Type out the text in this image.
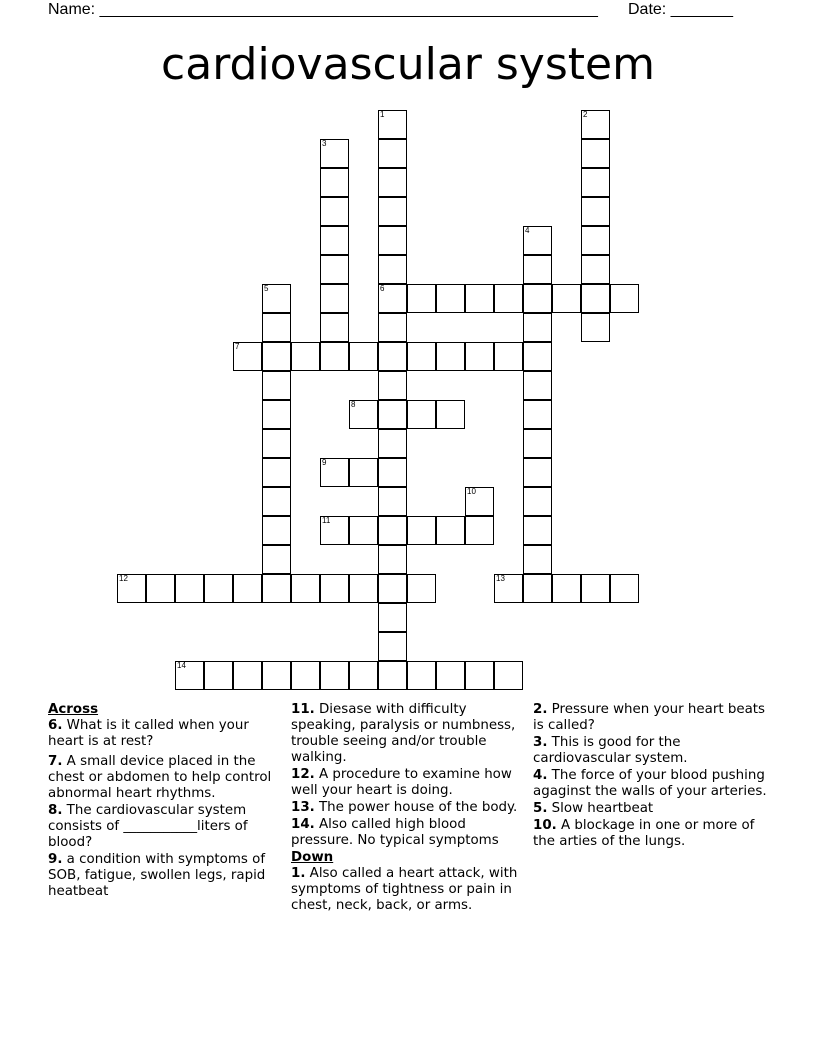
Name: ________________________________________________________ Date: _______
cardiovascular system
1
6
2
3
4
5
7
8
9
10
11
12	13
14
Across
6. What is it called when your heart is at rest?
7. A small device placed in the chest or abdomen to help control abnormal heart rhythms.
8. The cardiovascular system consists of ___________liters of blood?
9. a condition with symptoms of SOB, fatigue, swollen legs, rapid heatbeat
11. Diesase with difficulty speaking, paralysis or numbness, trouble seeing and/or trouble walking.
12. A procedure to examine how well your heart is doing.
13. The power house of the body.
14. Also called high blood pressure. No typical symptoms
Down
1. Also called a heart attack, with symptoms of tightness or pain in chest, neck, back, or arms.
2. Pressure when your heart beats is called?
3. This is good for the cardiovascular system.
4. The force of your blood pushing agaginst the walls of your arteries.
5. Slow heartbeat
10. A blockage in one or more of the arties of the lungs.
